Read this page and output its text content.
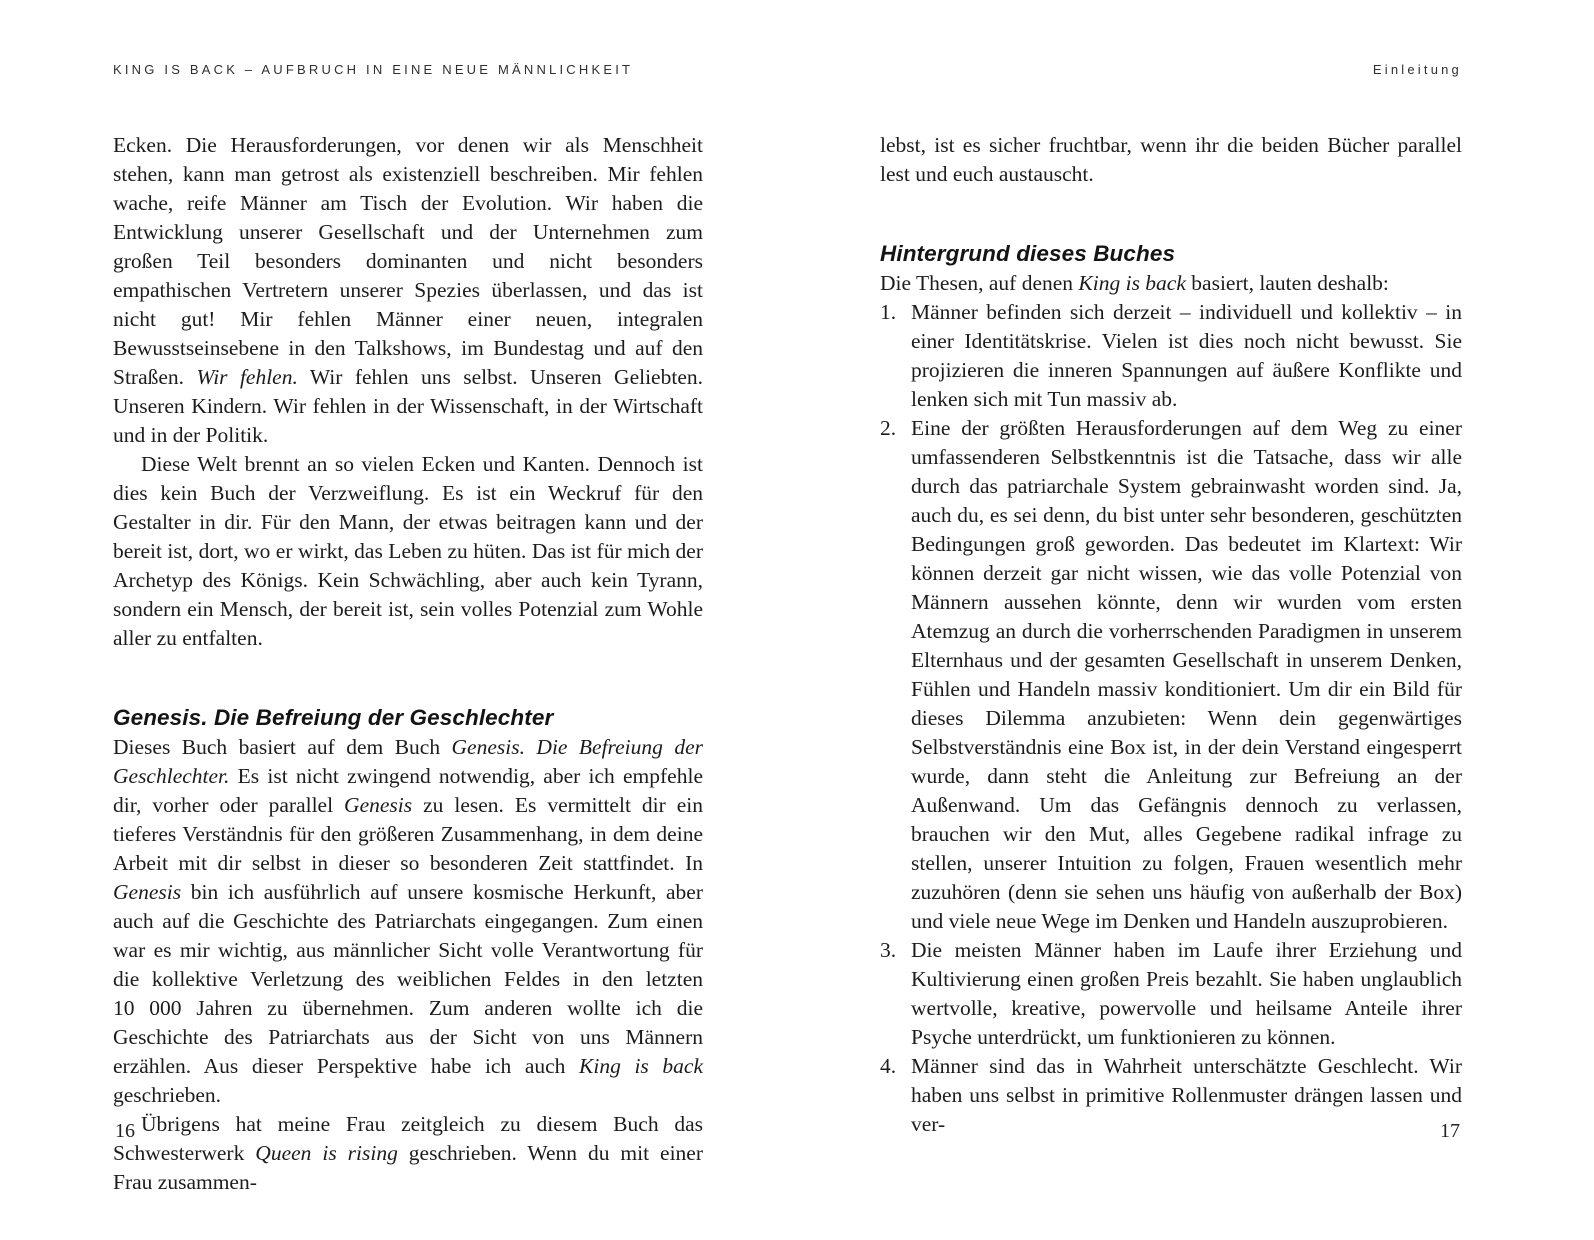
KING IS BACK – AUFBRUCH IN EINE NEUE MÄNNLICHKEIT

Ecken. Die Herausforderungen, vor denen wir als Menschheit stehen, kann man getrost als existenziell beschreiben. Mir fehlen wache, reife Männer am Tisch der Evolution. Wir haben die Entwicklung unserer Gesellschaft und der Unternehmen zum großen Teil besonders dominanten und nicht besonders empathischen Vertretern unserer Spezies überlassen, und das ist nicht gut! Mir fehlen Männer einer neuen, integralen Bewusstseinsebene in den Talkshows, im Bundestag und auf den Straßen. Wir fehlen. Wir fehlen uns selbst. Unseren Geliebten. Unseren Kindern. Wir fehlen in der Wissenschaft, in der Wirtschaft und in der Politik.

Diese Welt brennt an so vielen Ecken und Kanten. Dennoch ist dies kein Buch der Verzweiflung. Es ist ein Weckruf für den Gestalter in dir. Für den Mann, der etwas beitragen kann und der bereit ist, dort, wo er wirkt, das Leben zu hüten. Das ist für mich der Archetyp des Königs. Kein Schwächling, aber auch kein Tyrann, sondern ein Mensch, der bereit ist, sein volles Potenzial zum Wohle aller zu entfalten.

Genesis. Die Befreiung der Geschlechter

Dieses Buch basiert auf dem Buch Genesis. Die Befreiung der Geschlechter. Es ist nicht zwingend notwendig, aber ich empfehle dir, vorher oder parallel Genesis zu lesen. Es vermittelt dir ein tieferes Verständnis für den größeren Zusammenhang, in dem deine Arbeit mit dir selbst in dieser so besonderen Zeit stattfindet. In Genesis bin ich ausführlich auf unsere kosmische Herkunft, aber auch auf die Geschichte des Patriarchats eingegangen. Zum einen war es mir wichtig, aus männlicher Sicht volle Verantwortung für die kollektive Verletzung des weiblichen Feldes in den letzten 10 000 Jahren zu übernehmen. Zum anderen wollte ich die Geschichte des Patriarchats aus der Sicht von uns Männern erzählen. Aus dieser Perspektive habe ich auch King is back geschrieben.

Übrigens hat meine Frau zeitgleich zu diesem Buch das Schwesterwerk Queen is rising geschrieben. Wenn du mit einer Frau zusammen-

16
Einleitung

lebst, ist es sicher fruchtbar, wenn ihr die beiden Bücher parallel lest und euch austauscht.

Hintergrund dieses Buches

Die Thesen, auf denen King is back basiert, lauten deshalb:

1. Männer befinden sich derzeit – individuell und kollektiv – in einer Identitätskrise. Vielen ist dies noch nicht bewusst. Sie projizieren die inneren Spannungen auf äußere Konflikte und lenken sich mit Tun massiv ab.
2. Eine der größten Herausforderungen auf dem Weg zu einer umfassenderen Selbstkenntnis ist die Tatsache, dass wir alle durch das patriarchale System gebrainwasht worden sind. Ja, auch du, es sei denn, du bist unter sehr besonderen, geschützten Bedingungen groß geworden. Das bedeutet im Klartext: Wir können derzeit gar nicht wissen, wie das volle Potenzial von Männern aussehen könnte, denn wir wurden vom ersten Atemzug an durch die vorherrschenden Paradigmen in unserem Elternhaus und der gesamten Gesellschaft in unserem Denken, Fühlen und Handeln massiv konditioniert. Um dir ein Bild für dieses Dilemma anzubieten: Wenn dein gegenwärtiges Selbstverständnis eine Box ist, in der dein Verstand eingesperrt wurde, dann steht die Anleitung zur Befreiung an der Außenwand. Um das Gefängnis dennoch zu verlassen, brauchen wir den Mut, alles Gegebene radikal infrage zu stellen, unserer Intuition zu folgen, Frauen wesentlich mehr zuzuhören (denn sie sehen uns häufig von außerhalb der Box) und viele neue Wege im Denken und Handeln auszuprobieren.
3. Die meisten Männer haben im Laufe ihrer Erziehung und Kultivierung einen großen Preis bezahlt. Sie haben unglaublich wertvolle, kreative, powervolle und heilsame Anteile ihrer Psyche unterdrückt, um funktionieren zu können.
4. Männer sind das in Wahrheit unterschätzte Geschlecht. Wir haben uns selbst in primitive Rollenmuster drängen lassen und ver-	17
